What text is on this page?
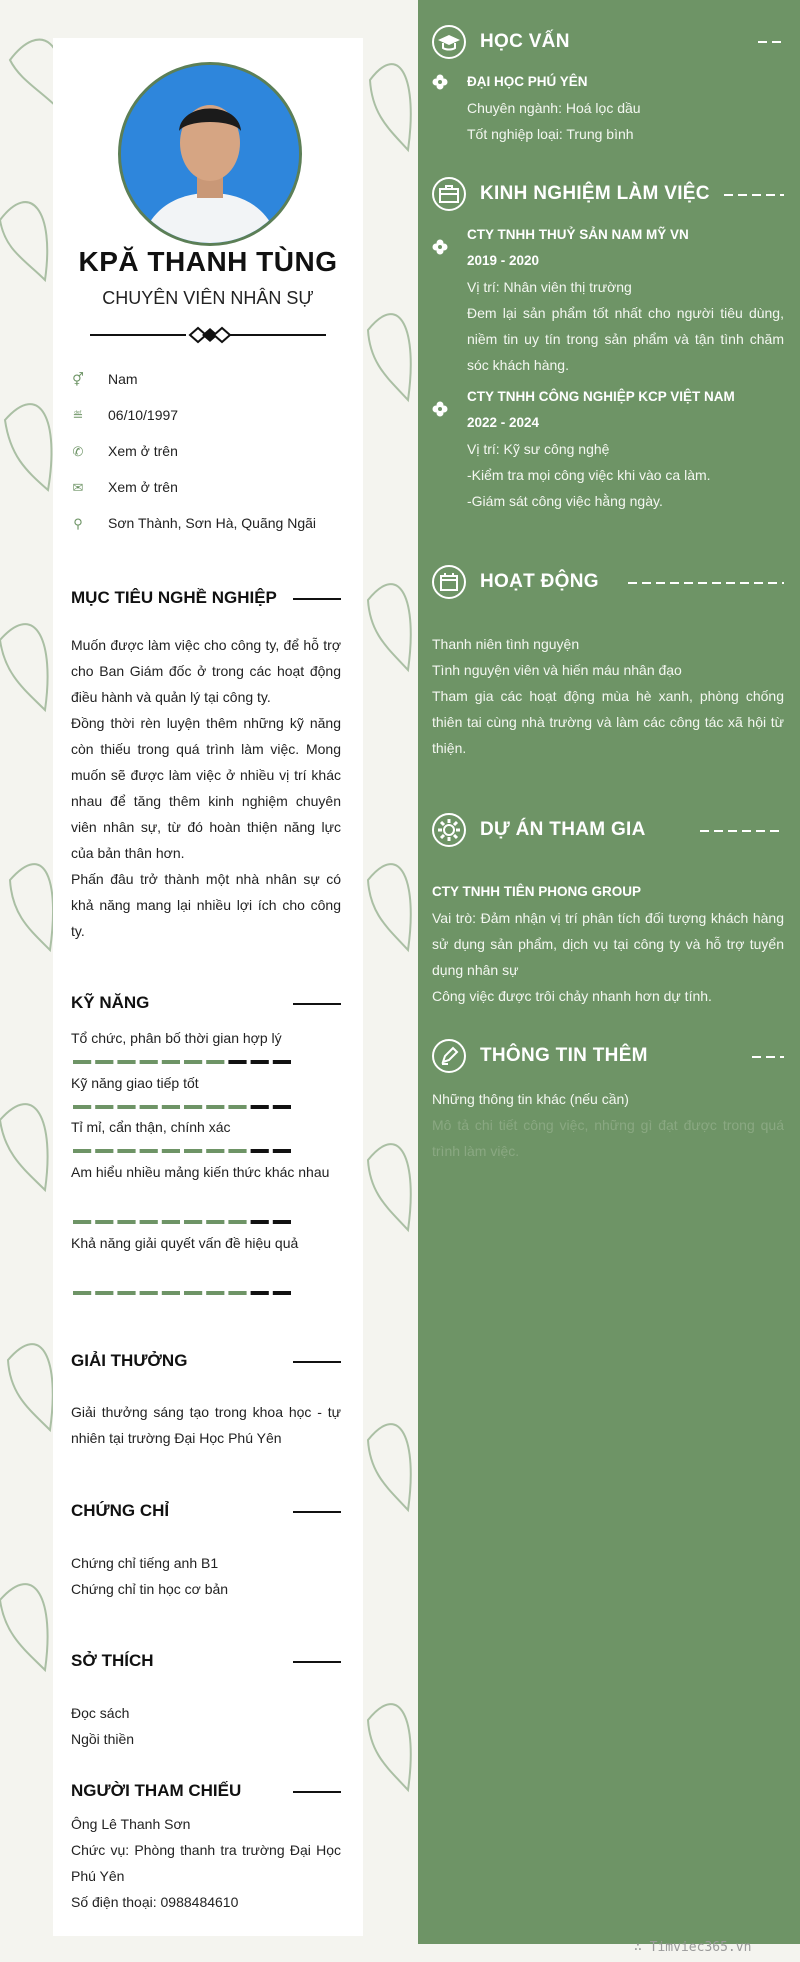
KPĂ THANH TÙNG
CHUYÊN VIÊN NHÂN SỰ
⚥ Nam
≝ 06/10/1997
✆ Xem ở trên
✉ Xem ở trên
⚲ Sơn Thành, Sơn Hà, Quãng Ngãi
MỤC TIÊU NGHỀ NGHIỆP
Muốn được làm việc cho công ty, để hỗ trợ cho Ban Giám đốc ở trong các hoạt động điều hành và quản lý tại công ty.
Đồng thời rèn luyện thêm những kỹ năng còn thiếu trong quá trình làm việc. Mong muốn sẽ được làm việc ở nhiều vị trí khác nhau để tăng thêm kinh nghiệm chuyên viên nhân sự, từ đó hoàn thiện năng lực của bản thân hơn.
Phấn đâu trở thành một nhà nhân sự có khả năng mang lại nhiều lợi ích cho công ty.
KỸ NĂNG
Tổ chức, phân bố thời gian hợp lý
Kỹ năng giao tiếp tốt
Tỉ mỉ, cẩn thận, chính xác
Am hiểu nhiều mảng kiến thức khác nhau
Khả năng giải quyết vấn đề hiệu quả
GIẢI THƯỞNG
Giải thưởng sáng tạo trong khoa học - tự nhiên tại trường Đại Học Phú Yên
CHỨNG CHỈ
Chứng chỉ tiếng anh B1
Chứng chỉ tin học cơ bản
SỞ THÍCH
Đọc sách
Ngồi thiền
NGƯỜI THAM CHIẾU
Ông Lê Thanh Sơn
Chức vụ: Phòng thanh tra trường Đại Học Phú Yên
Số điện thoại: 0988484610
HỌC VẤN
ĐẠI HỌC PHÚ YÊN
Chuyên ngành: Hoá lọc dầu
Tốt nghiệp loại: Trung bình
KINH NGHIỆM LÀM VIỆC
CTY TNHH THUỶ SẢN NAM MỸ VN
2019 - 2020
Vị trí: Nhân viên thị trường
Đem lại sản phẩm tốt nhất cho người tiêu dùng, niềm tin uy tín trong sản phẩm và tận tình chăm sóc khách hàng.
CTY TNHH CÔNG NGHIỆP KCP VIỆT NAM
2022 - 2024
Vị trí: Kỹ sư công nghệ
-Kiểm tra mọi công việc khi vào ca làm.
-Giám sát công việc hằng ngày.
HOẠT ĐỘNG
Thanh niên tình nguyện
Tình nguyện viên và hiến máu nhân đạo
Tham gia các hoạt động mùa hè xanh, phòng chống thiên tai cùng nhà trường và làm các công tác xã hội từ thiện.
DỰ ÁN THAM GIA
CTY TNHH TIÊN PHONG GROUP
Vai trò: Đảm nhận vị trí phân tích đối tượng khách hàng sử dụng sản phẩm, dịch vụ tại công ty và hỗ trợ tuyển dụng nhân sự
Công việc được trôi chảy nhanh hơn dự tính.
THÔNG TIN THÊM
Những thông tin khác (nếu cần)
Mô tả chi tiết công việc, những gì đạt được trong quá trình làm việc.
∴ Timviec365.vn
